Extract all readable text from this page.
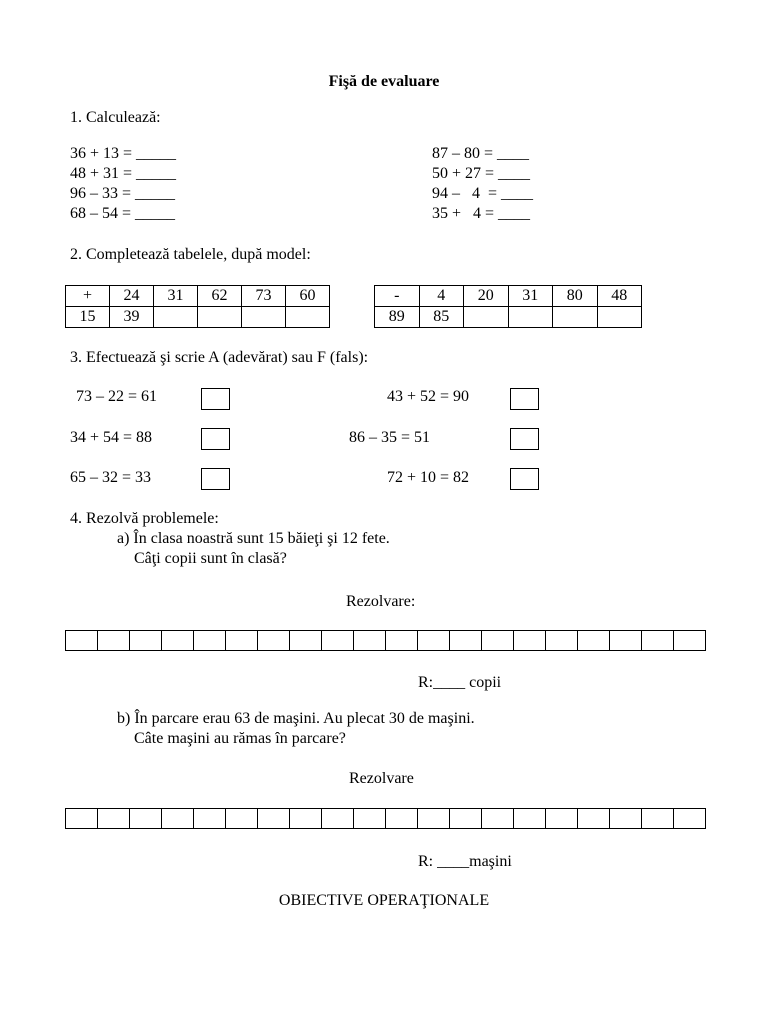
Fişă de evaluare
1. Calculează:
36 + 13 = _____
48 + 31 = _____
96 – 33 = _____
68 – 54 = _____
87 – 80 = ____
50 + 27 = ____
94 –   4  = ____
35 +   4 = ____
2. Completează tabelele, după model:
+	24	31	62	73	60
15	39				
-	4	20	31	80	48
89	85				
3. Efectuează şi scrie A (adevărat) sau F (fals):
73 – 22 = 61	43 + 52 = 90
34 + 54 = 88	86 – 35 = 51
65 – 32 = 33	72 + 10 = 82
4. Rezolvă problemele:
a) În clasa noastră sunt 15 băieţi şi 12 fete.
Câţi copii sunt în clasă?
Rezolvare:
R:____ copii
b) În parcare erau 63 de maşini. Au plecat 30 de maşini.
Câte maşini au rămas în parcare?
Rezolvare
R: ____maşini
OBIECTIVE OPERAŢIONALE
